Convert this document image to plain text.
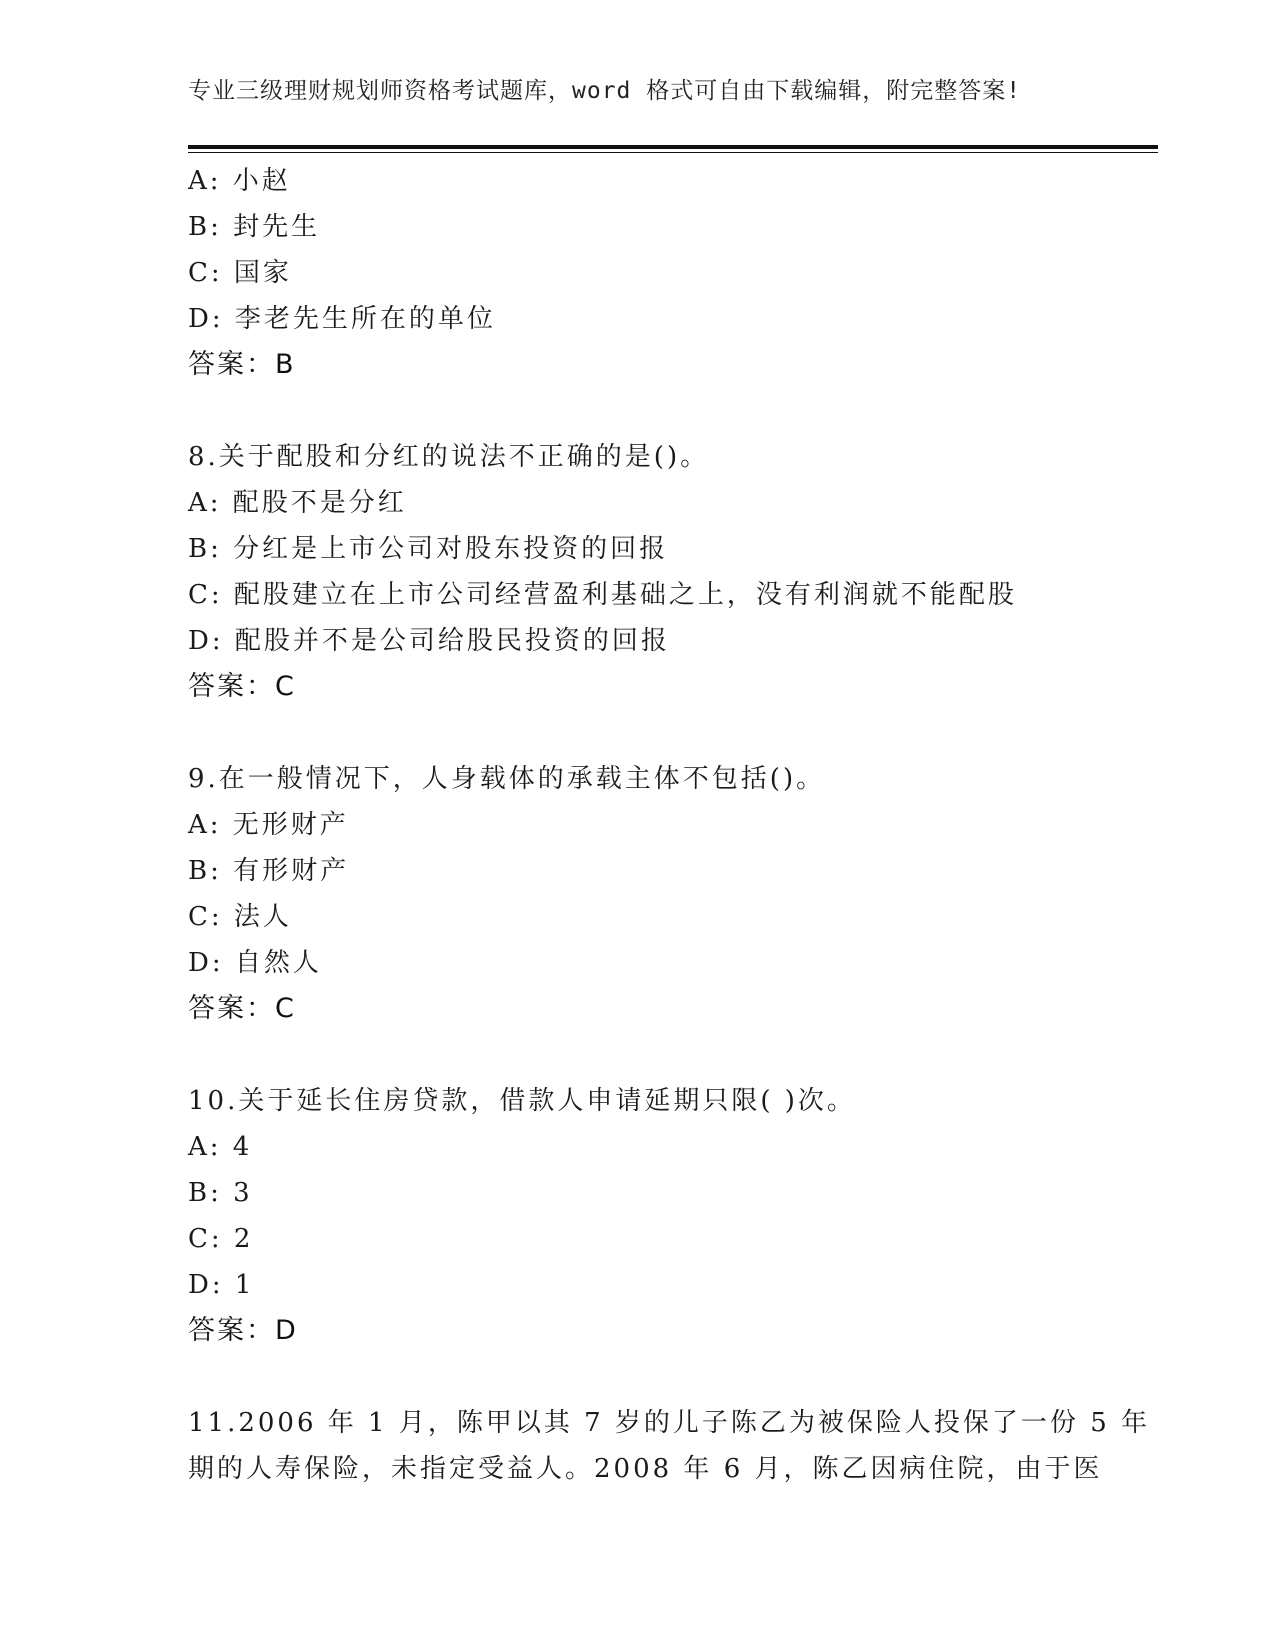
专业三级理财规划师资格考试题库，word 格式可自由下载编辑，附完整答案!
A: 小赵
B: 封先生
C: 国家
D: 李老先生所在的单位
答案：B
8.关于配股和分红的说法不正确的是()。
A: 配股不是分红
B: 分红是上市公司对股东投资的回报
C: 配股建立在上市公司经营盈利基础之上，没有利润就不能配股
D: 配股并不是公司给股民投资的回报
答案：C
9.在一般情况下，人身载体的承载主体不包括()。
A: 无形财产
B: 有形财产
C: 法人
D: 自然人
答案：C
10.关于延长住房贷款，借款人申请延期只限( )次。
A: 4
B: 3
C: 2
D: 1
答案：D
11.2006 年 1 月，陈甲以其 7 岁的儿子陈乙为被保险人投保了一份 5 年
期的人寿保险，未指定受益人。2008 年 6 月，陈乙因病住院，由于医
